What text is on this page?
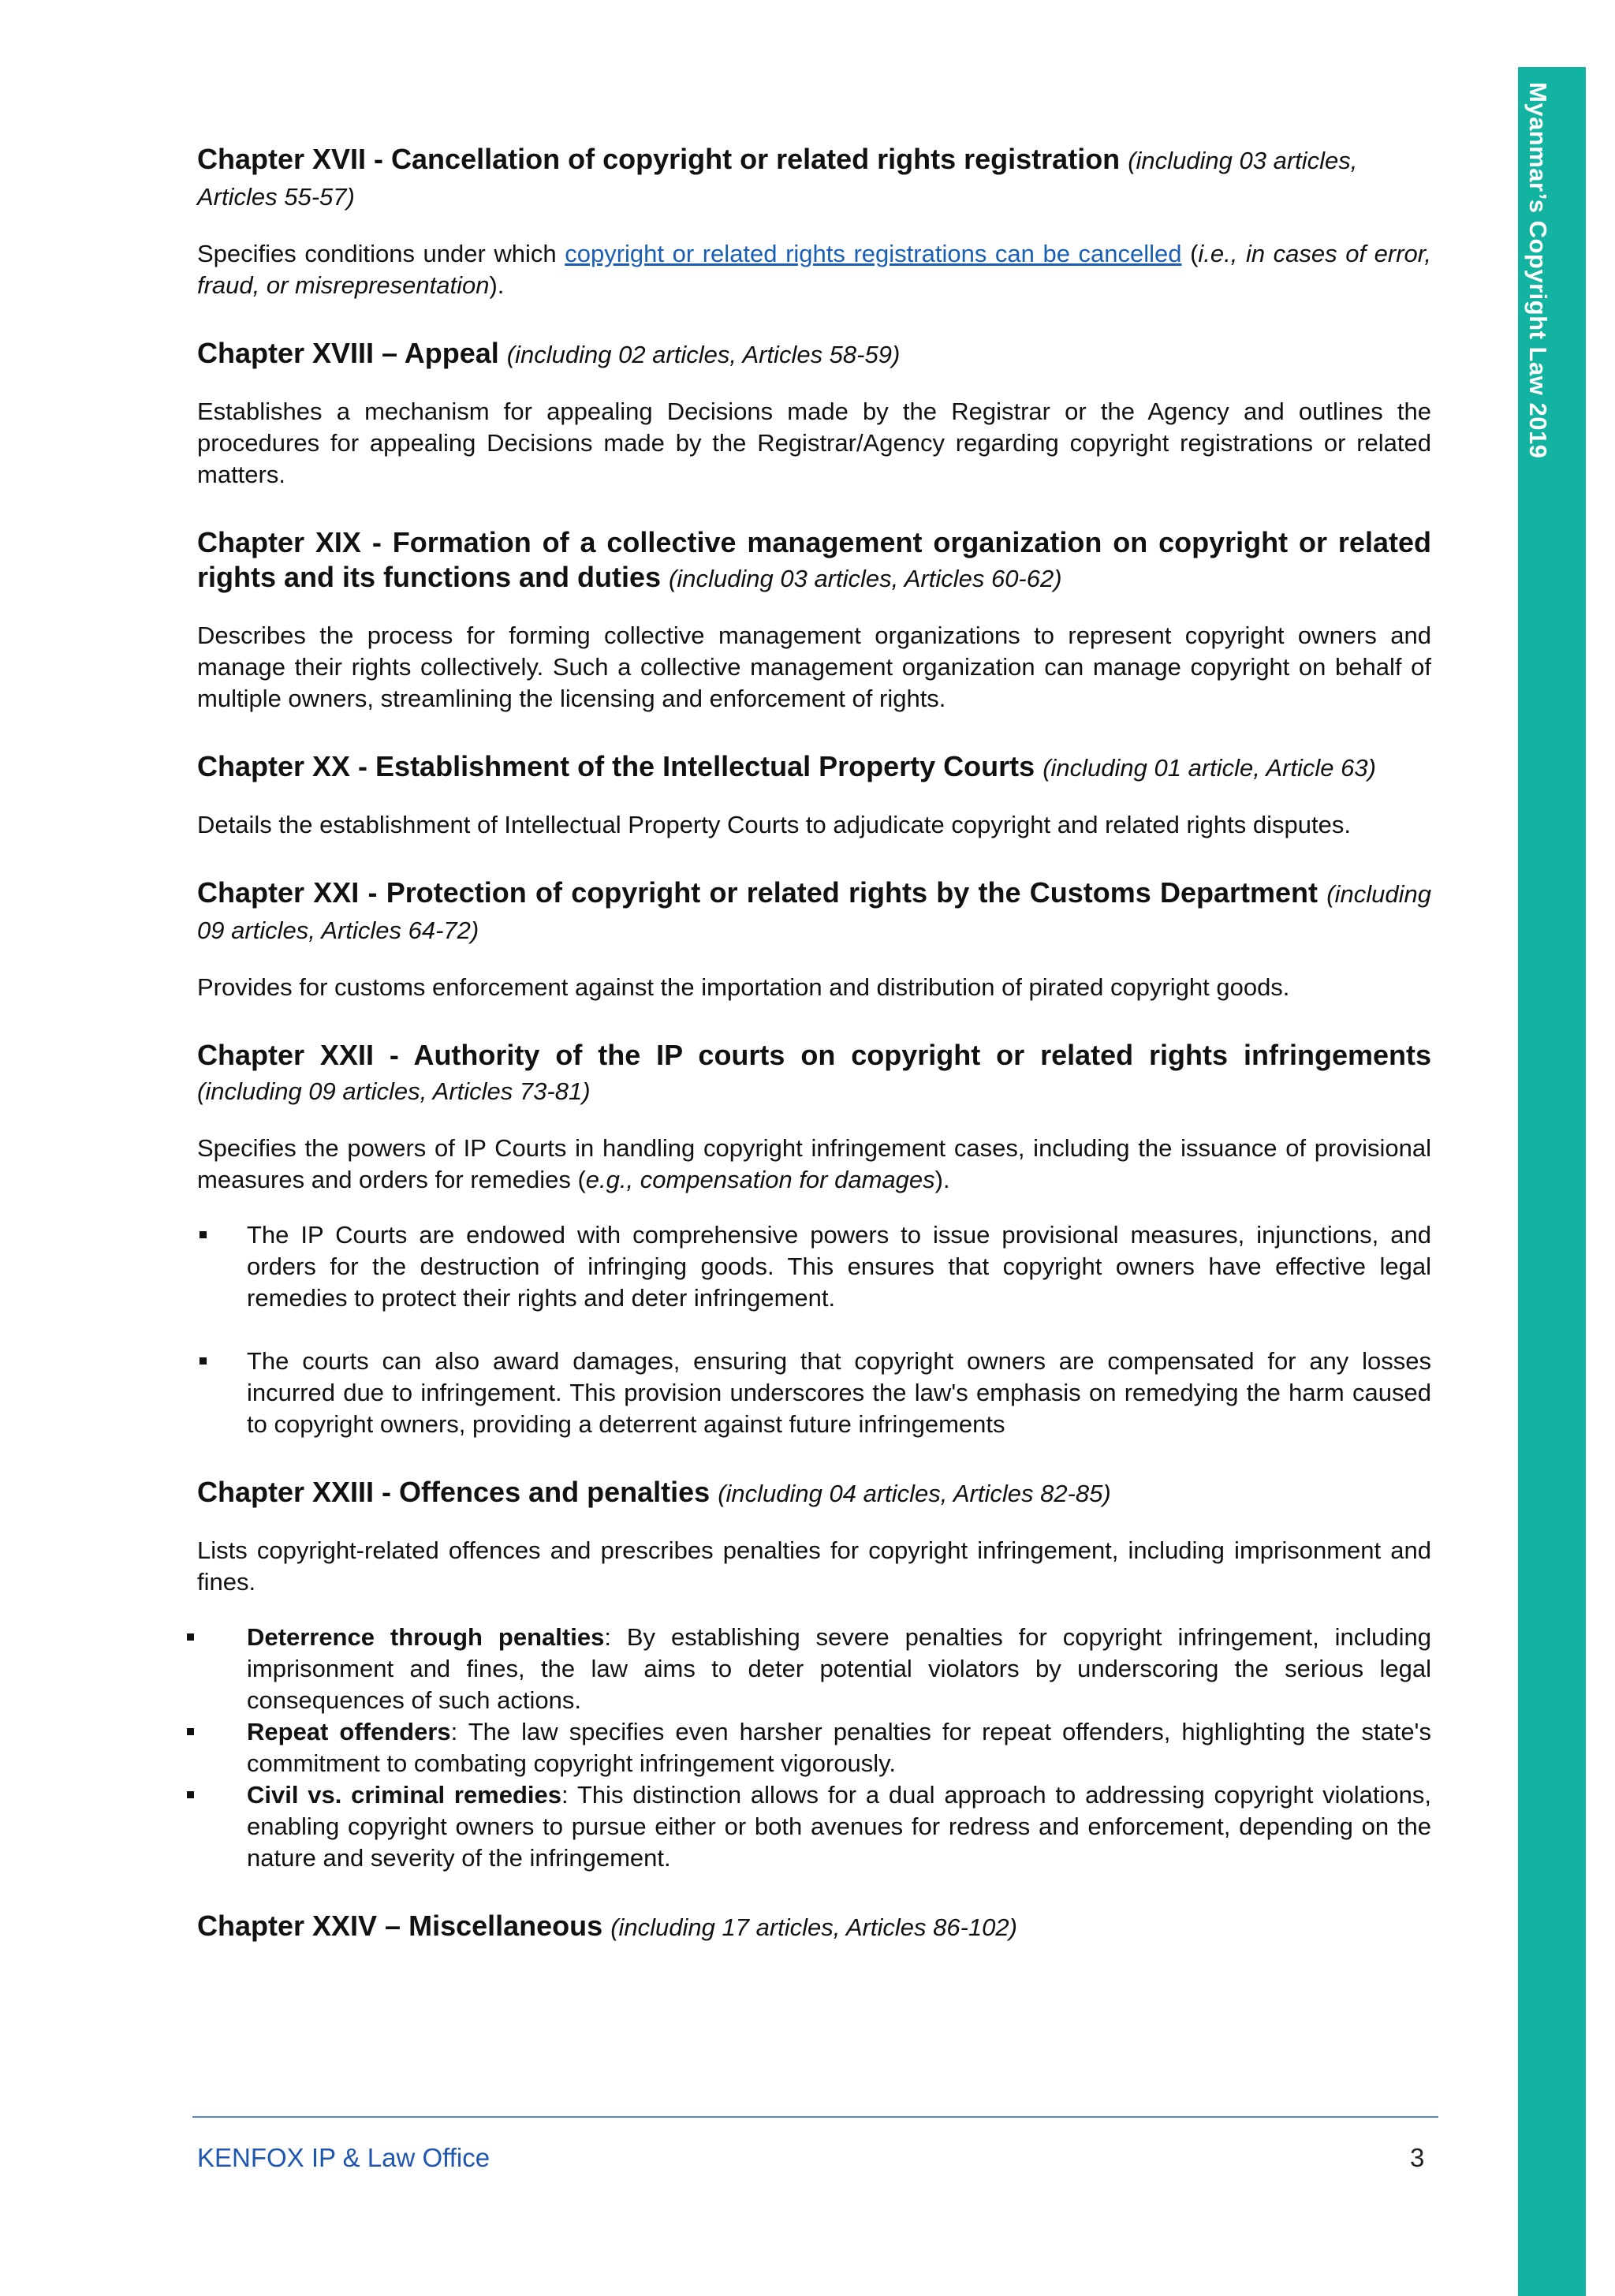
Myanmar’s Copyright Law 2019
Chapter XVII - Cancellation of copyright or related rights registration (including 03 articles, Articles 55-57)

Specifies conditions under which copyright or related rights registrations can be cancelled (i.e., in cases of error, fraud, or misrepresentation).

Chapter XVIII – Appeal (including 02 articles, Articles 58-59)

Establishes a mechanism for appealing Decisions made by the Registrar or the Agency and outlines the procedures for appealing Decisions made by the Registrar/Agency regarding copyright registrations or related matters.

Chapter XIX - Formation of a collective management organization on copyright or related rights and its functions and duties (including 03 articles, Articles 60-62)

Describes the process for forming collective management organizations to represent copyright owners and manage their rights collectively. Such a collective management organization can manage copyright on behalf of multiple owners, streamlining the licensing and enforcement of rights.

Chapter XX - Establishment of the Intellectual Property Courts (including 01 article, Article 63)

Details the establishment of Intellectual Property Courts to adjudicate copyright and related rights disputes.

Chapter XXI - Protection of copyright or related rights by the Customs Department (including 09 articles, Articles 64-72)

Provides for customs enforcement against the importation and distribution of pirated copyright goods.

Chapter XXII - Authority of the IP courts on copyright or related rights infringements (including 09 articles, Articles 73-81)

Specifies the powers of IP Courts in handling copyright infringement cases, including the issuance of provisional measures and orders for remedies (e.g., compensation for damages).

The IP Courts are endowed with comprehensive powers to issue provisional measures, injunctions, and orders for the destruction of infringing goods. This ensures that copyright owners have effective legal remedies to protect their rights and deter infringement.
The courts can also award damages, ensuring that copyright owners are compensated for any losses incurred due to infringement. This provision underscores the law's emphasis on remedying the harm caused to copyright owners, providing a deterrent against future infringements
Chapter XXIII - Offences and penalties (including 04 articles, Articles 82-85)

Lists copyright-related offences and prescribes penalties for copyright infringement, including imprisonment and fines.

Deterrence through penalties: By establishing severe penalties for copyright infringement, including imprisonment and fines, the law aims to deter potential violators by underscoring the serious legal consequences of such actions.
Repeat offenders: The law specifies even harsher penalties for repeat offenders, highlighting the state's commitment to combating copyright infringement vigorously.
Civil vs. criminal remedies: This distinction allows for a dual approach to addressing copyright violations, enabling copyright owners to pursue either or both avenues for redress and enforcement, depending on the nature and severity of the infringement.
Chapter XXIV – Miscellaneous (including 17 articles, Articles 86-102)
KENFOX IP & Law Office	3
